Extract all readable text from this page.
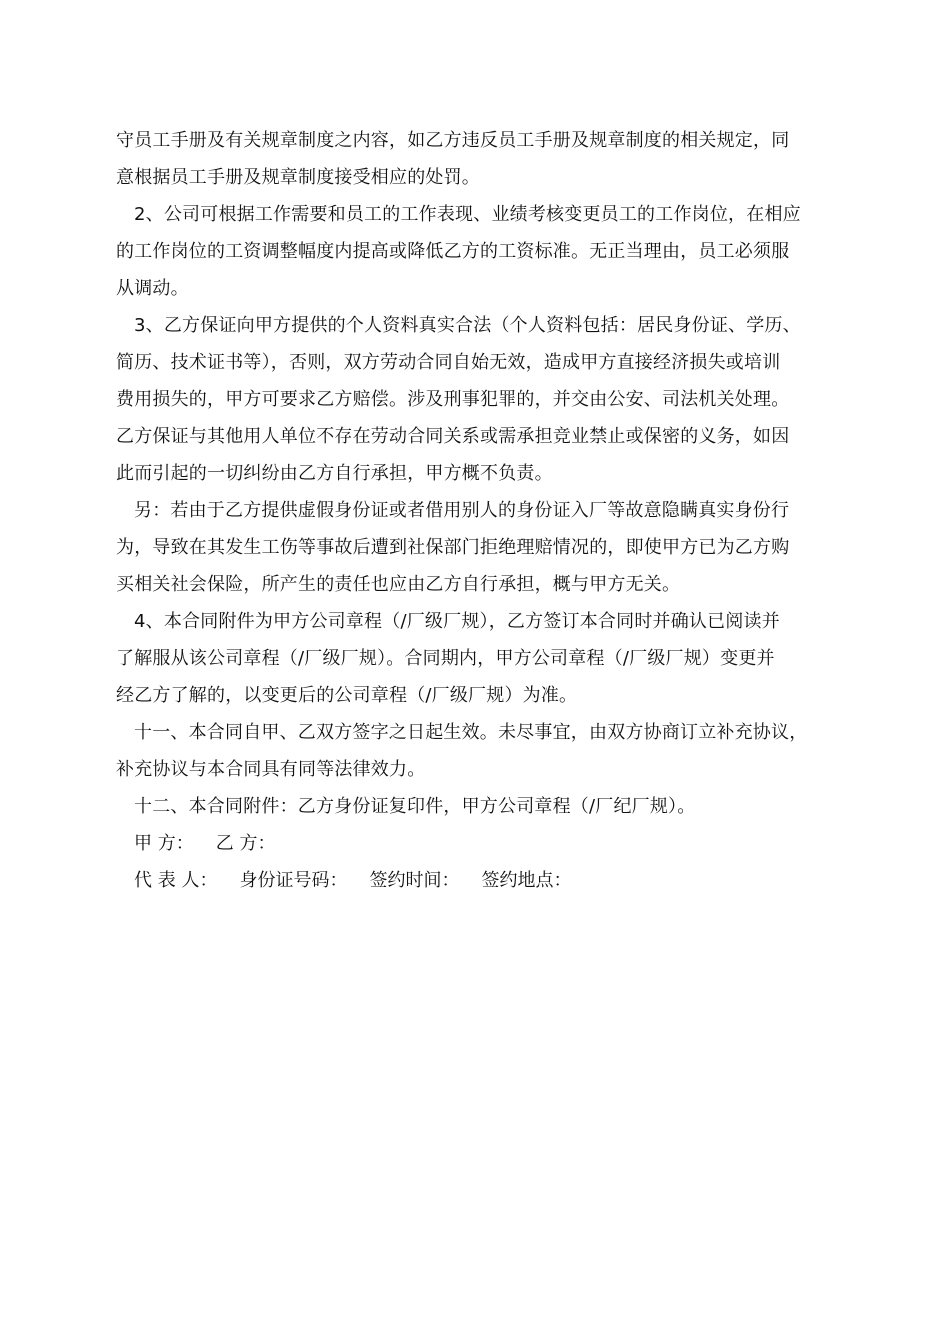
守员工手册及有关规章制度之内容，如乙方违反员工手册及规章制度的相关规定，同
意根据员工手册及规章制度接受相应的处罚。
2、公司可根据工作需要和员工的工作表现、业绩考核变更员工的工作岗位，在相应
的工作岗位的工资调整幅度内提高或降低乙方的工资标准。无正当理由，员工必须服
从调动。
3、乙方保证向甲方提供的个人资料真实合法（个人资料包括：居民身份证、学历、
简历、技术证书等），否则，双方劳动合同自始无效，造成甲方直接经济损失或培训
费用损失的，甲方可要求乙方赔偿。涉及刑事犯罪的，并交由公安、司法机关处理。
乙方保证与其他用人单位不存在劳动合同关系或需承担竞业禁止或保密的义务，如因
此而引起的一切纠纷由乙方自行承担，甲方概不负责。
另：若由于乙方提供虚假身份证或者借用别人的身份证入厂等故意隐瞒真实身份行
为，导致在其发生工伤等事故后遭到社保部门拒绝理赔情况的，即使甲方已为乙方购
买相关社会保险，所产生的责任也应由乙方自行承担，概与甲方无关。
4、本合同附件为甲方公司章程（/厂级厂规），乙方签订本合同时并确认已阅读并
了解服从该公司章程（/厂级厂规）。合同期内，甲方公司章程（/厂级厂规）变更并
经乙方了解的，以变更后的公司章程（/厂级厂规）为准。
十一、本合同自甲、乙双方签字之日起生效。未尽事宜，由双方协商订立补充协议，
补充协议与本合同具有同等法律效力。
十二、本合同附件：乙方身份证复印件，甲方公司章程（/厂纪厂规）。
甲 方： 乙 方：
代 表 人： 身份证号码： 签约时间： 签约地点：
